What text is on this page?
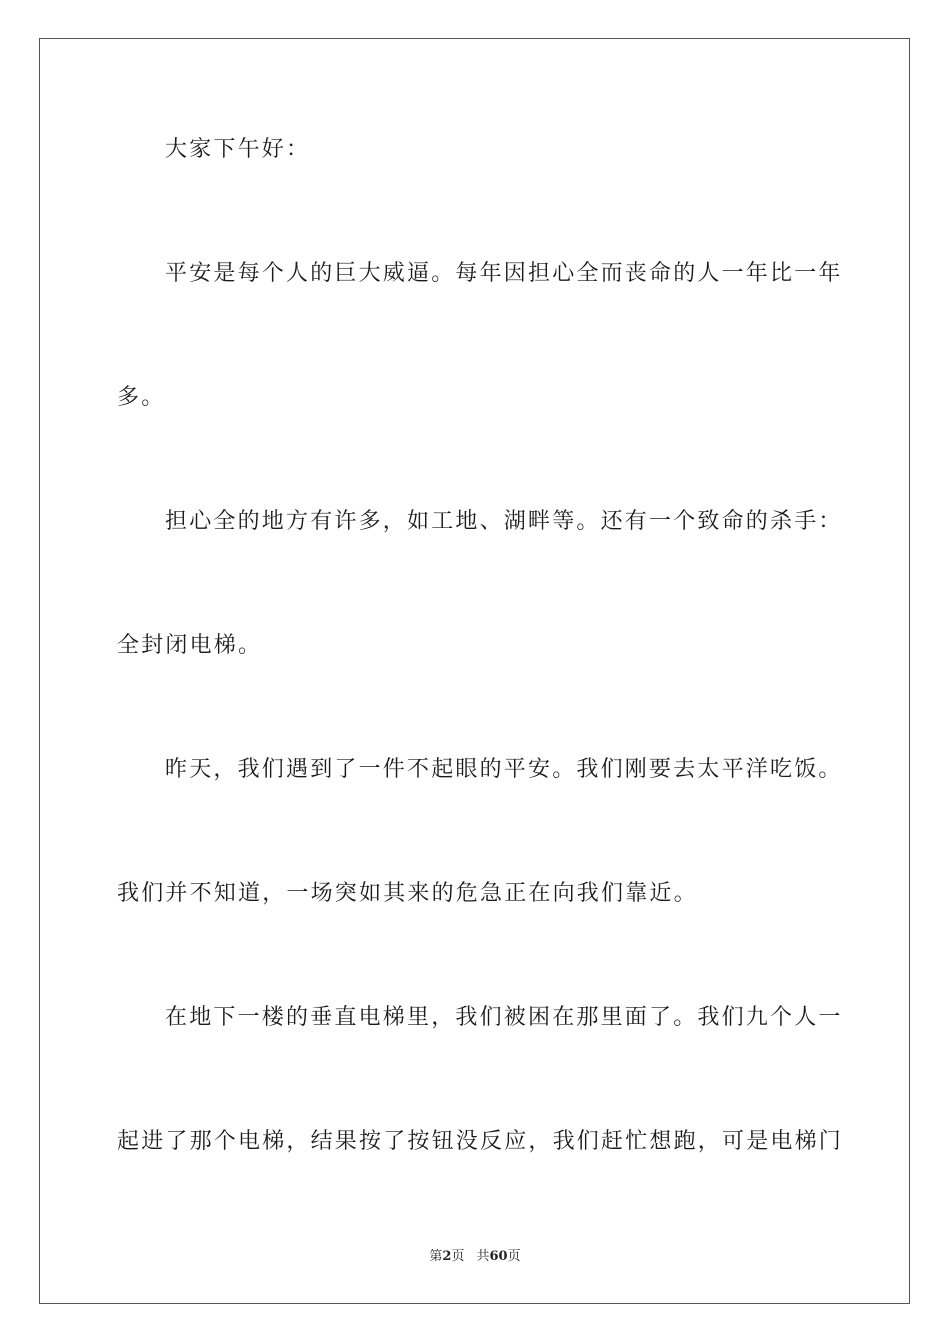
大家下午好：
平安是每个人的巨大威逼。每年因担心全而丧命的人一年比一年
多。
担心全的地方有许多，如工地、湖畔等。还有一个致命的杀手：
全封闭电梯。
昨天，我们遇到了一件不起眼的平安。我们刚要去太平洋吃饭。
我们并不知道，一场突如其来的危急正在向我们靠近。
在地下一楼的垂直电梯里，我们被困在那里面了。我们九个人一
起进了那个电梯，结果按了按钮没反应，我们赶忙想跑，可是电梯门
第2页 共60页
